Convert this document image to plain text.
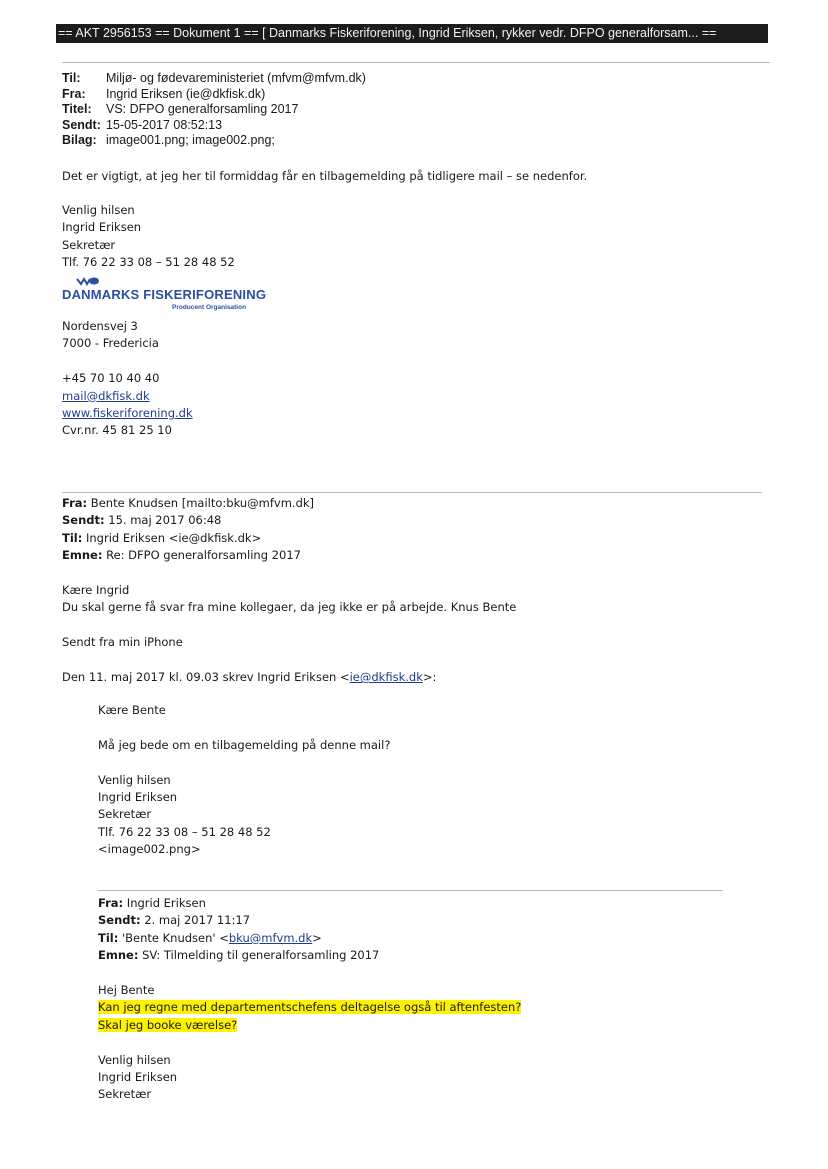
== AKT 2956153 == Dokument 1 == [ Danmarks Fiskeriforening, Ingrid Eriksen, rykker vedr. DFPO generalforsam... ==
Til:	Miljø- og fødevareministeriet (mfvm@mfvm.dk)
Fra:	Ingrid Eriksen (ie@dkfisk.dk)
Titel:	VS: DFPO generalforsamling 2017
Sendt: 15-05-2017 08:52:13
Bilag: image001.png; image002.png;

Det er vigtigt, at jeg her til formiddag får en tilbagemelding på tidligere mail – se nedenfor.

Venlig hilsen

Ingrid Eriksen

Sekretær

Tlf. 76 22 33 08 – 51 28 48 52

DANMARKS FISKERIFORENING
Producent Organisation

Nordensvej 3

7000 - Fredericia

+45 70 10 40 40

mail@dkfisk.dk

www.fiskeriforening.dk

Cvr.nr. 45 81 25 10

Fra: Bente Knudsen [mailto:bku@mfvm.dk]

Sendt: 15. maj 2017 06:48

Til: Ingrid Eriksen <ie@dkfisk.dk>

Emne: Re: DFPO generalforsamling 2017

Kære Ingrid

Du skal gerne få svar fra mine kollegaer, da jeg ikke er på arbejde. Knus Bente

Sendt fra min iPhone

Den 11. maj 2017 kl. 09.03 skrev Ingrid Eriksen <ie@dkfisk.dk>:

Kære Bente

Må jeg bede om en tilbagemelding på denne mail?

Venlig hilsen

Ingrid Eriksen

Sekretær

Tlf. 76 22 33 08 – 51 28 48 52

<image002.png>

Fra: Ingrid Eriksen

Sendt: 2. maj 2017 11:17

Til: 'Bente Knudsen' <bku@mfvm.dk>

Emne: SV: Tilmelding til generalforsamling 2017

Hej Bente

Kan jeg regne med departementschefens deltagelse også til aftenfesten?

Skal jeg booke værelse?

Venlig hilsen

Ingrid Eriksen

Sekretær
